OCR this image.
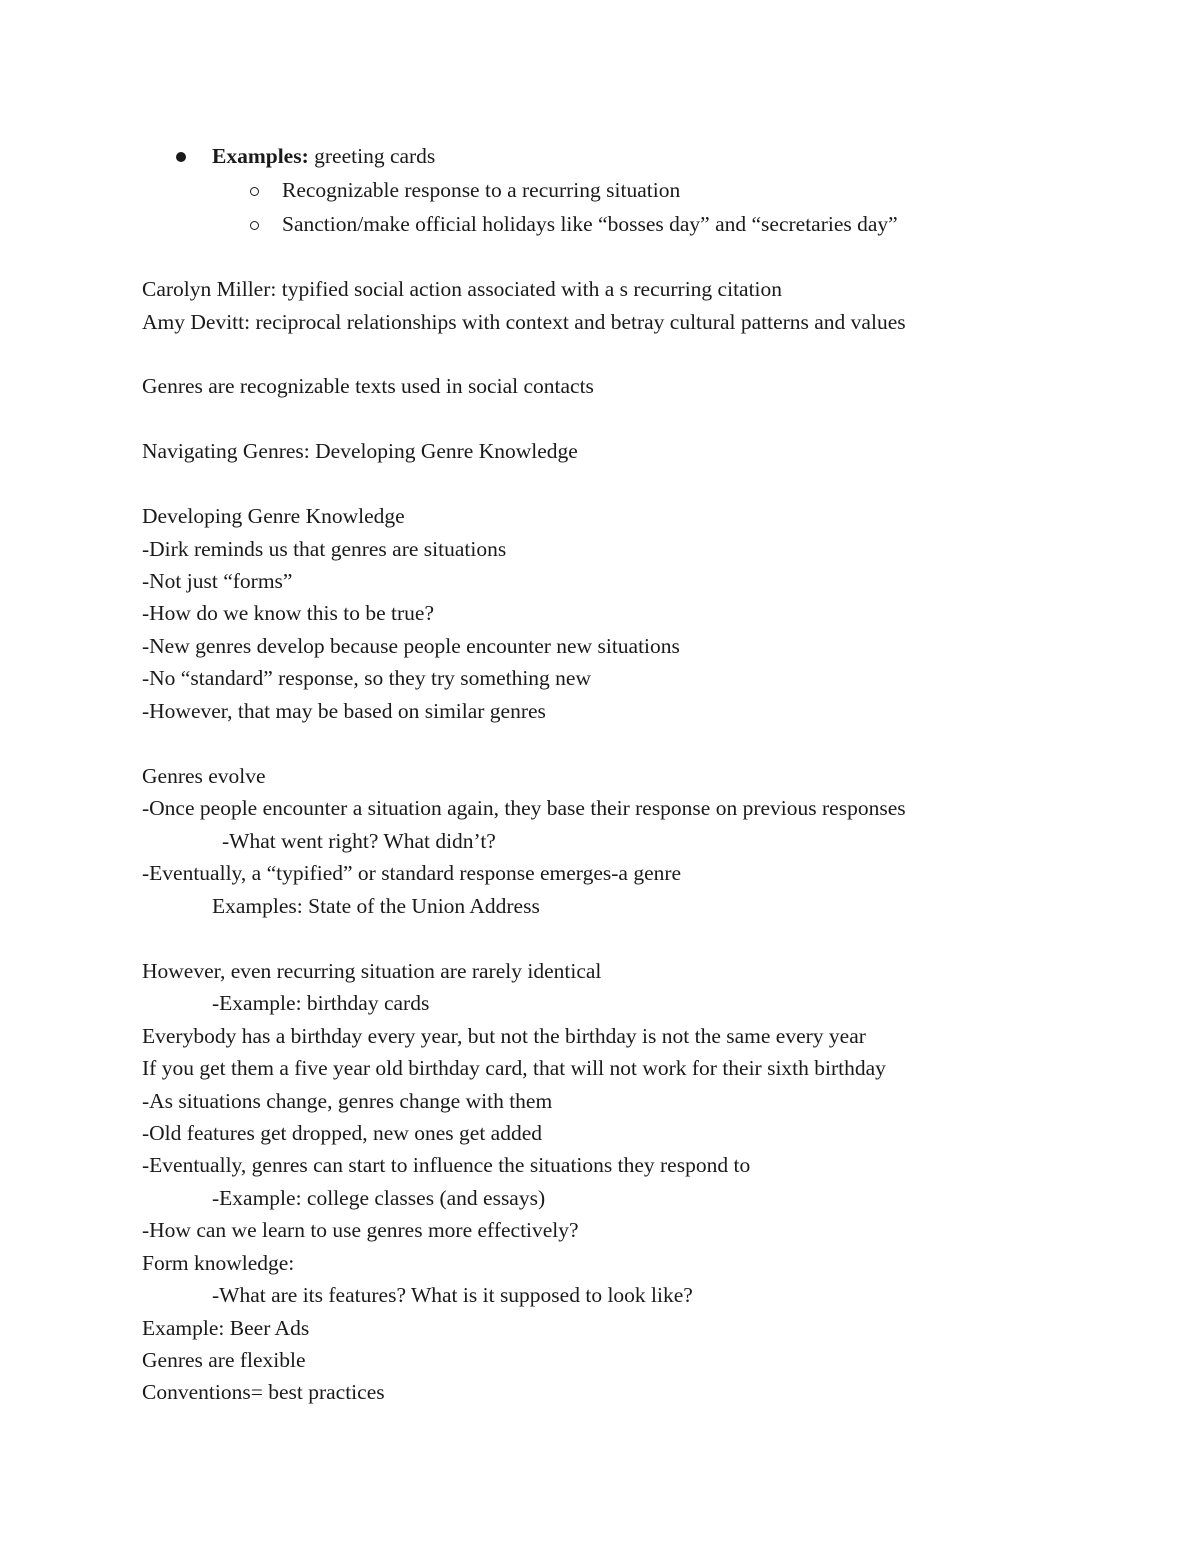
Examples: greeting cards
Recognizable response to a recurring situation
Sanction/make official holidays like “bosses day” and “secretaries day”
Carolyn Miller: typified social action associated with a s recurring citation
Amy Devitt: reciprocal relationships with context and betray cultural patterns and values
Genres are recognizable texts used in social contacts
Navigating Genres: Developing Genre Knowledge
Developing Genre Knowledge
-Dirk reminds us that genres are situations
-Not just “forms”
-How do we know this to be true?
-New genres develop because people encounter new situations
-No “standard” response, so they try something new
-However, that may be based on similar genres
Genres evolve
-Once people encounter a situation again, they base their response on previous responses
-What went right? What didn’t?
-Eventually, a “typified” or standard response emerges-a genre
Examples: State of the Union Address
However, even recurring situation are rarely identical
-Example: birthday cards
Everybody has a birthday every year, but not the birthday is not the same every year
If you get them a five year old birthday card, that will not work for their sixth birthday
-As situations change, genres change with them
-Old features get dropped, new ones get added
-Eventually, genres can start to influence the situations they respond to
-Example: college classes (and essays)
-How can we learn to use genres more effectively?
Form knowledge:
-What are its features? What is it supposed to look like?
Example: Beer Ads
Genres are flexible
Conventions= best practices
